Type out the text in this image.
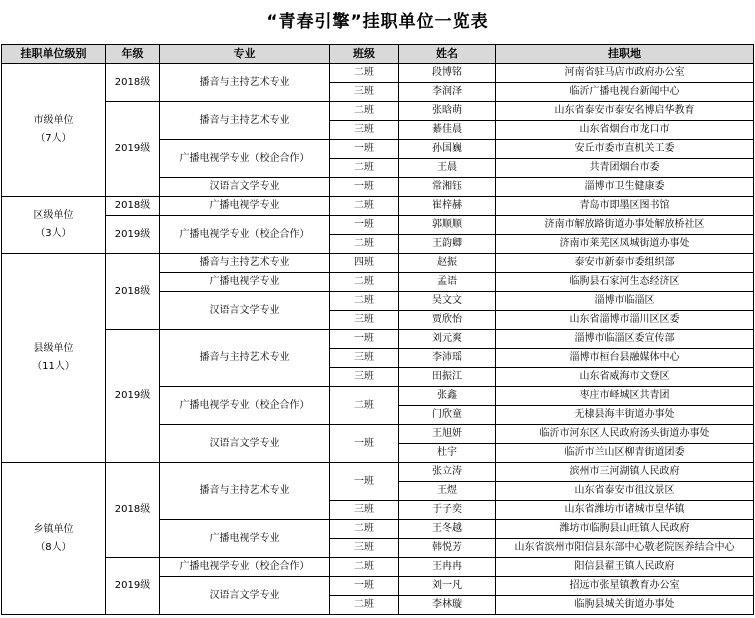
“青春引擎”挂职单位一览表
挂职单位级别	年级	专业	班级	姓名	挂职地
市级单位
（7人）	2018级	播音与主持艺术专业	二班	段博铭	河南省驻马店市政府办公室
			三班	李润泽	临沂广播电视台新闻中心
	2019级	播音与主持艺术专业	二班	张晗萌	山东省泰安市泰安名博启华教育
			三班	綦佳晨	山东省烟台市龙口市
		广播电视学专业（校企合作）	一班	孙国巍	安丘市委市直机关工委
			二班	王晨	共青团烟台市委
		汉语言文学专业	一班	常湘钰	淄博市卫生健康委
区级单位
（3人）	2018级	广播电视学专业	二班	崔梓赫	青岛市即墨区图书馆
	2019级	广播电视学专业（校企合作）	一班	郭顺顺	济南市解放路街道办事处解放桥社区
			二班	王韵卿	济南市莱芜区凤城街道办事处
县级单位
（11人）	2018级	播音与主持艺术专业	四班	赵振	泰安市新泰市委组织部
		广播电视学专业	二班	孟语	临朐县石家河生态经济区
		汉语言文学专业	二班	吴文文	淄博市临淄区
			三班	贾欣怡	山东省淄博市淄川区区委
	2019级	播音与主持艺术专业	一班	刘元爽	淄博市临淄区委宣传部
			三班	李沛瑶	淄博市桓台县融媒体中心
			三班	田振江	山东省威海市文登区
		广播电视学专业（校企合作）	二班	张鑫	枣庄市峄城区共青团
				门欣童	无棣县海丰街道办事处
		汉语言文学专业	一班	王旭妍	临沂市河东区人民政府汤头街道办事处
				杜宇	临沂市兰山区柳青街道团委
乡镇单位
（8人）	2018级	播音与主持艺术专业	一班	张立涛	滨州市三河湖镇人民政府
				王煜	山东省泰安市徂汶景区
			三班	于子奕	山东省潍坊市诸城市皇华镇
		广播电视学专业	二班	王冬越	潍坊市临朐县山旺镇人民政府
			三班	韩悦芳	山东省滨州市阳信县东部中心敬老院医养结合中心
	2019级	广播电视学专业（校企合作）	二班	王冉冉	阳信县翟王镇人民政府
		汉语言文学专业	一班	刘一凡	招远市张星镇教育办公室
			二班	李林璇	临朐县城关街道办事处
